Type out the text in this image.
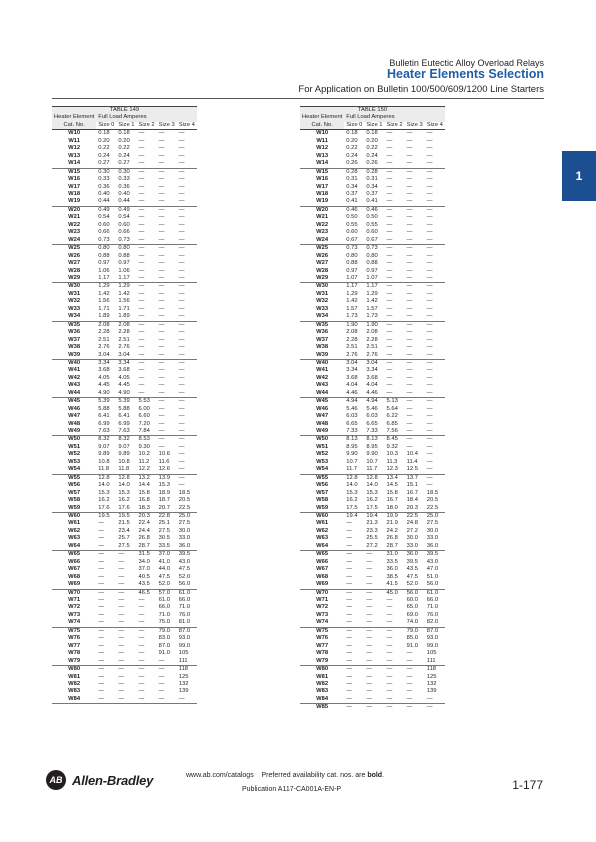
Bulletin Eutectic Alloy Overload Relays
Heater Elements Selection
For Application on Bulletin 100/500/609/1200 Line Starters
1
TABLE 149					
Heater Element	Full Load Amperes				
Cat. No.	Size 0	Size 1	Size 2	Size 3	Size 4
W10	0.18	0.18	—	—	—
W11	0.20	0.20	—	—	—
W12	0.22	0.22	—	—	—
W13	0.24	0.24	—	—	—
W14	0.27	0.27	—	—	—
W15	0.30	0.30	—	—	—
W16	0.33	0.33	—	—	—
W17	0.36	0.36	—	—	—
W18	0.40	0.40	—	—	—
W19	0.44	0.44	—	—	—
W20	0.49	0.49	—	—	—
W21	0.54	0.54	—	—	—
W22	0.60	0.60	—	—	—
W23	0.66	0.66	—	—	—
W24	0.73	0.73	—	—	—
W25	0.80	0.80	—	—	—
W26	0.88	0.88	—	—	—
W27	0.97	0.97	—	—	—
W28	1.06	1.06	—	—	—
W29	1.17	1.17	—	—	—
W30	1.29	1.29	—	—	—
W31	1.42	1.42	—	—	—
W32	1.56	1.56	—	—	—
W33	1.71	1.71	—	—	—
W34	1.89	1.89	—	—	—
W35	2.08	2.08	—	—	—
W36	2.28	2.28	—	—	—
W37	2.51	2.51	—	—	—
W38	2.76	2.76	—	—	—
W39	3.04	3.04	—	—	—
W40	3.34	3.34	—	—	—
W41	3.68	3.68	—	—	—
W42	4.05	4.05	—	—	—
W43	4.45	4.45	—	—	—
W44	4.90	4.90	—	—	—
W45	5.39	5.39	5.53	—	—
W46	5.88	5.88	6.00	—	—
W47	6.41	6.41	6.60	—	—
W48	6.99	6.99	7.20	—	—
W49	7.63	7.63	7.84	—	—
W50	8.32	8.32	8.53	—	—
W51	9.07	9.07	9.30	—	—
W52	9.89	9.89	10.2	10.6	—
W53	10.8	10.8	11.2	11.6	—
W54	11.8	11.8	12.2	12.6	—
W55	12.8	12.8	13.2	13.9	—
W56	14.0	14.0	14.4	15.3	—
W57	15.3	15.3	15.8	18.9	18.5
W58	16.2	16.2	16.8	18.7	20.5
W59	17.6	17.6	18.3	20.7	22.5
W60	19.5	19.5	20.3	22.8	25.0
W61	—	21.5	22.4	25.1	27.5
W62	—	23.4	24.4	27.5	30.0
W63	—	25.7	26.8	30.5	33.0
W64	—	27.5	28.7	33.5	36.0
W65	—	—	31.5	37.0	39.5
W66	—	—	34.0	41.0	43.0
W67	—	—	37.0	44.0	47.5
W68	—	—	40.5	47.5	52.0
W69	—	—	43.5	52.0	56.0
W70	—	—	46.5	57.0	61.0
W71	—	—	—	61.0	66.0
W72	—	—	—	66.0	71.0
W73	—	—	—	71.0	76.0
W74	—	—	—	75.0	81.0
W75	—	—	—	79.0	87.0
W76	—	—	—	83.0	93.0
W77	—	—	—	87.0	99.0
W78	—	—	—	91.0	105
W79	—	—	—	—	111
W80	—	—	—	—	118
W81	—	—	—	—	125
W82	—	—	—	—	132
W83	—	—	—	—	139
W84	—	—	—	—	—
TABLE 150					
Heater Element	Full Load Amperes				
Cat. No.	Size 0	Size 1	Size 2	Size 3	Size 4
W10	0.18	0.18	—	—	—
W11	0.20	0.20	—	—	—
W12	0.22	0.22	—	—	—
W13	0.24	0.24	—	—	—
W14	0.26	0.26	—	—	—
W15	0.28	0.28	—	—	—
W16	0.31	0.31	—	—	—
W17	0.34	0.34	—	—	—
W18	0.37	0.37	—	—	—
W19	0.41	0.41	—	—	—
W20	0.46	0.46	—	—	—
W21	0.50	0.50	—	—	—
W22	0.55	0.55	—	—	—
W23	0.60	0.60	—	—	—
W24	0.67	0.67	—	—	—
W25	0.73	0.73	—	—	—
W26	0.80	0.80	—	—	—
W27	0.88	0.88	—	—	—
W28	0.97	0.97	—	—	—
W29	1.07	1.07	—	—	—
W30	1.17	1.17	—	—	—
W31	1.29	1.29	—	—	—
W32	1.42	1.42	—	—	—
W33	1.57	1.57	—	—	—
W34	1.73	1.73	—	—	—
W35	1.90	1.90	—	—	—
W36	2.08	2.08	—	—	—
W37	2.28	2.28	—	—	—
W38	2.51	2.51	—	—	—
W39	2.76	2.76	—	—	—
W40	3.04	3.04	—	—	—
W41	3.34	3.34	—	—	—
W42	3.68	3.68	—	—	—
W43	4.04	4.04	—	—	—
W44	4.46	4.46	—	—	—
W45	4.94	4.94	5.13	—	—
W46	5.46	5.46	5.64	—	—
W47	6.03	6.03	6.22	—	—
W48	6.65	6.65	6.85	—	—
W49	7.33	7.33	7.56	—	—
W50	8.13	8.13	8.45	—	—
W51	8.95	8.95	9.32	—	—
W52	9.90	9.90	10.3	10.4	—
W53	10.7	10.7	11.3	11.4	—
W54	11.7	11.7	12.3	12.5	—
W55	12.8	12.8	13.4	13.7	—
W56	14.0	14.0	14.5	15.1	—
W57	15.3	15.3	15.8	16.7	18.5
W58	16.2	16.2	16.7	18.4	20.5
W59	17.5	17.5	18.0	20.3	22.5
W60	19.4	19.4	19.9	22.5	25.0
W61	—	21.3	21.9	24.8	27.5
W62	—	23.3	24.2	27.2	30.0
W63	—	25.5	26.8	30.0	33.0
W64	—	27.2	28.7	33.0	36.0
W65	—	—	31.0	36.0	39.5
W66	—	—	33.5	39.5	43.0
W67	—	—	36.0	43.5	47.0
W68	—	—	38.5	47.5	51.0
W69	—	—	41.5	52.0	56.0
W70	—	—	45.0	56.0	61.0
W71	—	—	—	60.0	66.0
W72	—	—	—	65.0	71.0
W73	—	—	—	69.0	76.0
W74	—	—	—	74.0	82.0
W75	—	—	—	79.0	87.0
W76	—	—	—	85.0	93.0
W77	—	—	—	91.0	99.0
W78	—	—	—	—	105
W79	—	—	—	—	111
W80	—	—	—	—	118
W81	—	—	—	—	125
W82	—	—	—	—	132
W83	—	—	—	—	139
W84	—	—	—	—	—
W85	—	—	—	—	—
AB Allen-Bradley	www.ab.com/catalogs Preferred availability cat. nos. are bold.
Publication A117-CA001A-EN-P	1-177
